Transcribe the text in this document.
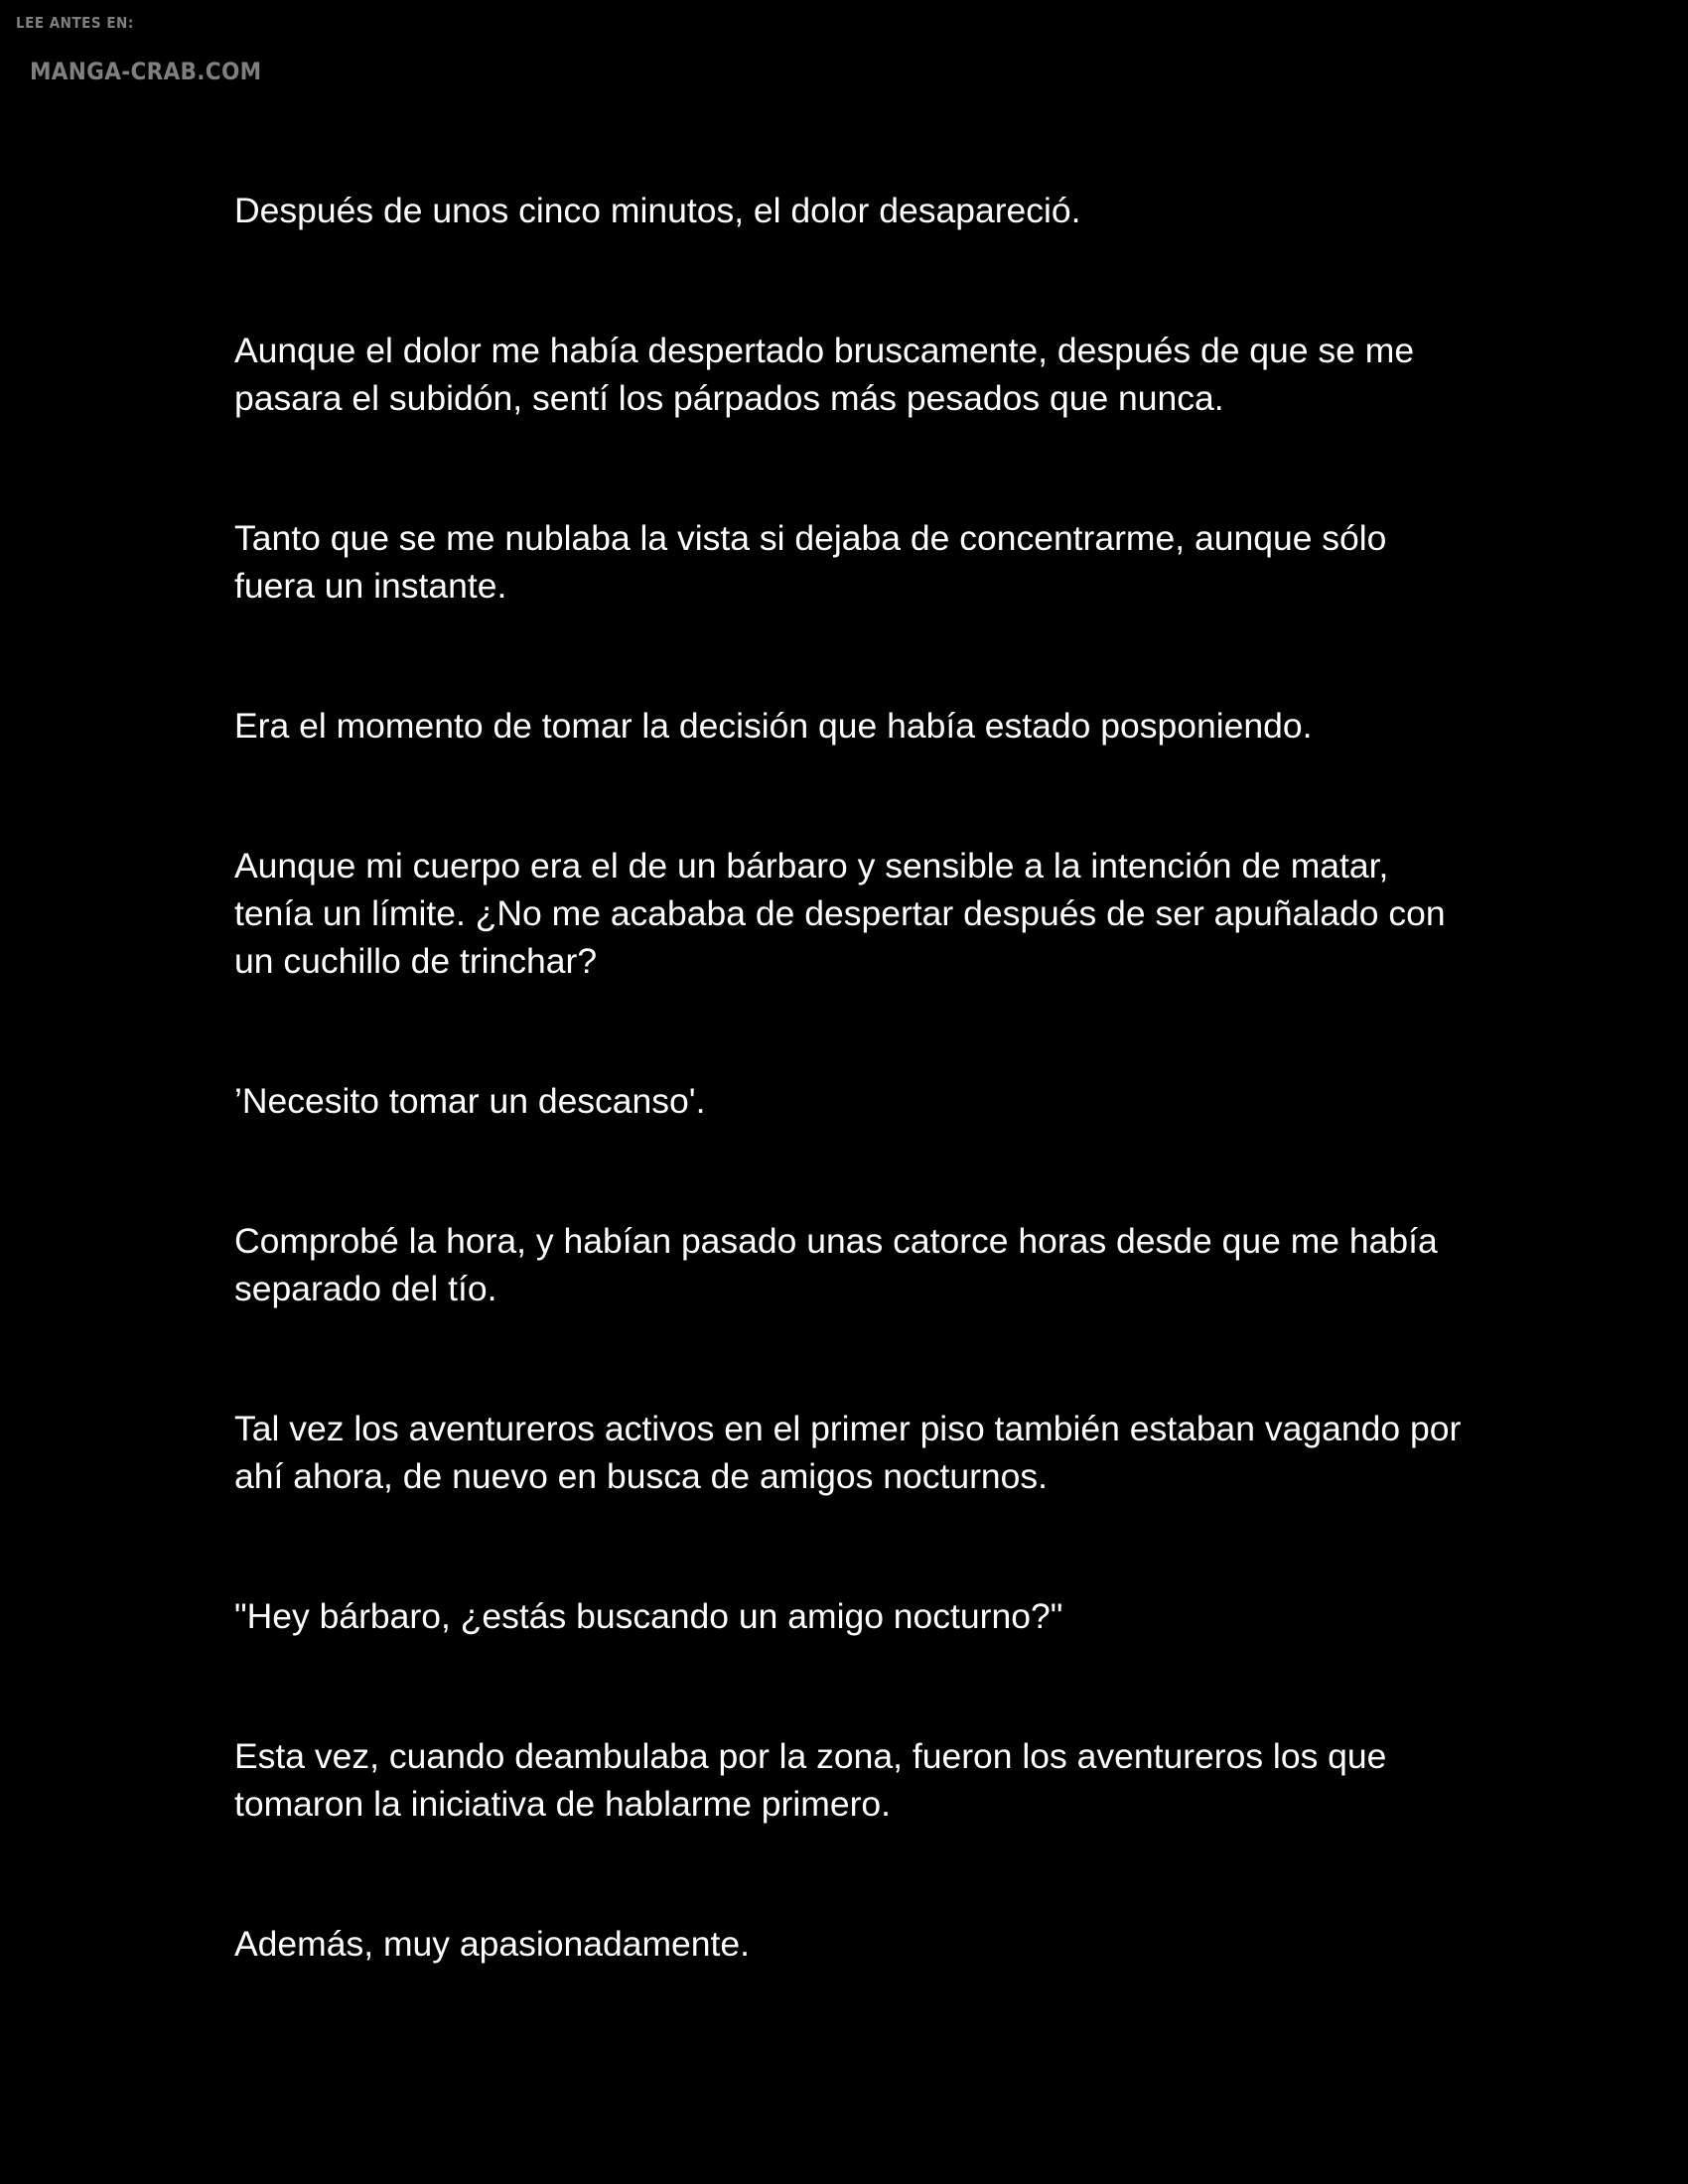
LEE ANTES EN:
MANGA-CRAB.COM

Después de unos cinco minutos, el dolor desapareció.

Aunque el dolor me había despertado bruscamente, después de que se me pasara el subidón, sentí los párpados más pesados que nunca.

Tanto que se me nublaba la vista si dejaba de concentrarme, aunque sólo fuera un instante.

Era el momento de tomar la decisión que había estado posponiendo.

Aunque mi cuerpo era el de un bárbaro y sensible a la intención de matar, tenía un límite. ¿No me acababa de despertar después de ser apuñalado con un cuchillo de trinchar?

’Necesito tomar un descanso'.

Comprobé la hora, y habían pasado unas catorce horas desde que me había separado del tío.

Tal vez los aventureros activos en el primer piso también estaban vagando por ahí ahora, de nuevo en busca de amigos nocturnos.

"Hey bárbaro, ¿estás buscando un amigo nocturno?"

Esta vez, cuando deambulaba por la zona, fueron los aventureros los que tomaron la iniciativa de hablarme primero.

Además, muy apasionadamente.
